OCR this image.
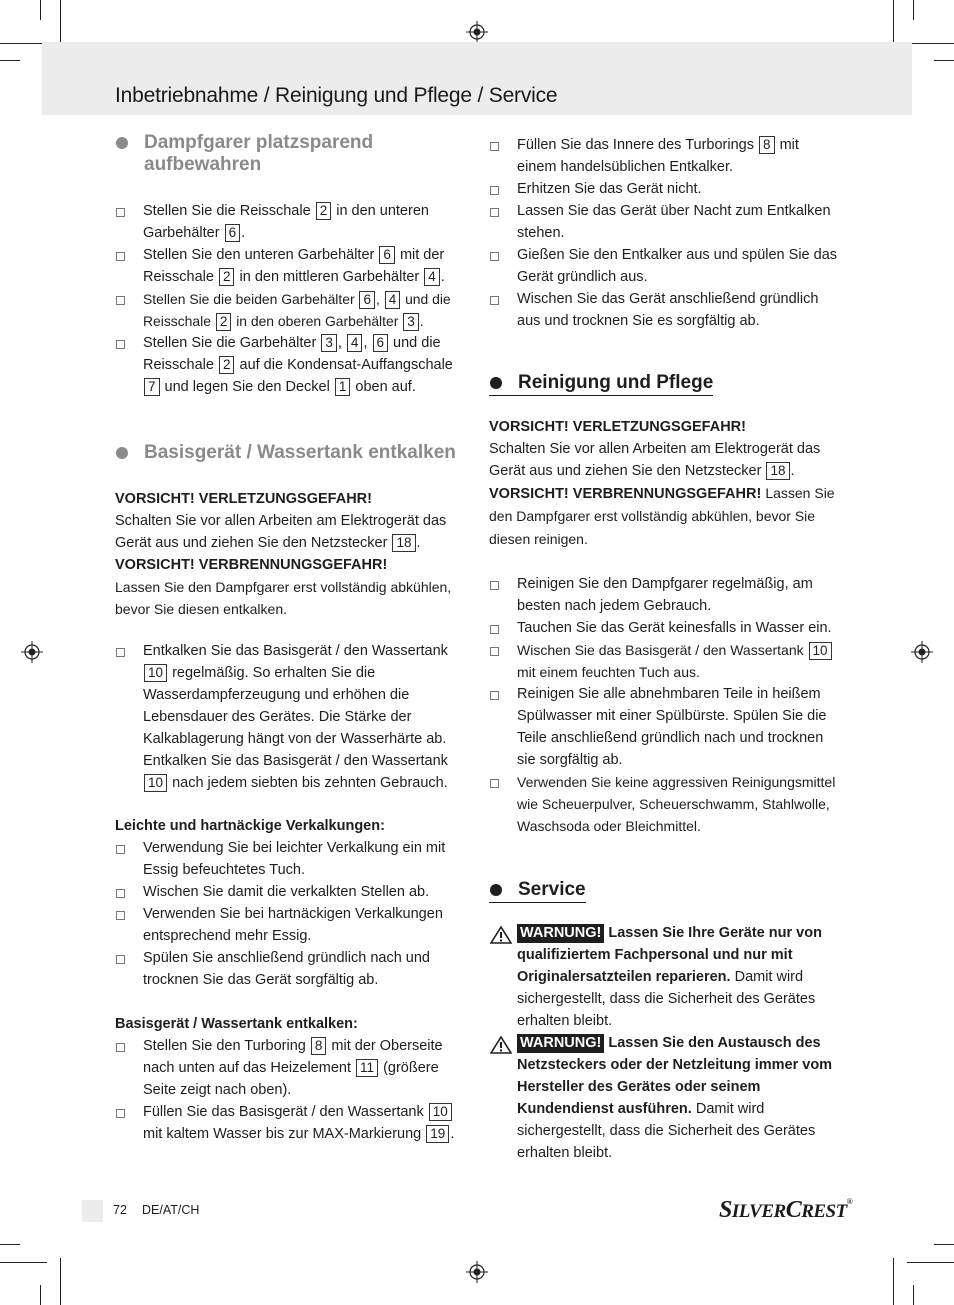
Inbetriebnahme / Reinigung und Pflege / Service
Dampfgarer platzsparend aufbewahren
Stellen Sie die Reisschale 2 in den unteren Garbehälter 6 .
Stellen Sie den unteren Garbehälter 6 mit der Reisschale 2 in den mittleren Garbehälter 4 .
Stellen Sie die beiden Garbehälter 6 , 4 und die Reisschale 2 in den oberen Garbehälter 3 .
Stellen Sie die Garbehälter 3 , 4 , 6 und die Reisschale 2 auf die Kondensat-Auffangschale 7 und legen Sie den Deckel 1 oben auf.
Basisgerät / Wassertank entkalken
VORSICHT! VERLETZUNGSGEFAHR!
Schalten Sie vor allen Arbeiten am Elektrogerät das Gerät aus und ziehen Sie den Netzstecker 18 .
VORSICHT! VERBRENNUNGSGEFAHR!
Lassen Sie den Dampfgarer erst vollständig abkühlen, bevor Sie diesen entkalken.
Entkalken Sie das Basisgerät / den Wassertank 10 regelmäßig. So erhalten Sie die Wasserdampferzeugung und erhöhen die Lebensdauer des Gerätes. Die Stärke der Kalkablagerung hängt von der Wasserhärte ab. Entkalken Sie das Basisgerät / den Wassertank 10 nach jedem siebten bis zehnten Gebrauch.
Leichte und hartnäckige Verkalkungen:
Verwendung Sie bei leichter Verkalkung ein mit Essig befeuchtetes Tuch.
Wischen Sie damit die verkalkten Stellen ab.
Verwenden Sie bei hartnäckigen Verkalkungen entsprechend mehr Essig.
Spülen Sie anschließend gründlich nach und trocknen Sie das Gerät sorgfältig ab.
Basisgerät / Wassertank entkalken:
Stellen Sie den Turboring 8 mit der Oberseite nach unten auf das Heizelement 11 (größere Seite zeigt nach oben).
Füllen Sie das Basisgerät / den Wassertank 10 mit kaltem Wasser bis zur MAX-Markierung 19 .
Füllen Sie das Innere des Turborings 8 mit einem handelsüblichen Entkalker.
Erhitzen Sie das Gerät nicht.
Lassen Sie das Gerät über Nacht zum Entkalken stehen.
Gießen Sie den Entkalker aus und spülen Sie das Gerät gründlich aus.
Wischen Sie das Gerät anschließend gründlich aus und trocknen Sie es sorgfältig ab.
Reinigung und Pflege
VORSICHT! VERLETZUNGSGEFAHR!
Schalten Sie vor allen Arbeiten am Elektrogerät das Gerät aus und ziehen Sie den Netzstecker 18 .
VORSICHT! VERBRENNUNGSGEFAHR! Lassen Sie den Dampfgarer erst vollständig abkühlen, bevor Sie diesen reinigen.
Reinigen Sie den Dampfgarer regelmäßig, am besten nach jedem Gebrauch.
Tauchen Sie das Gerät keinesfalls in Wasser ein.
Wischen Sie das Basisgerät / den Wassertank 10 mit einem feuchten Tuch aus.
Reinigen Sie alle abnehmbaren Teile in heißem Spülwasser mit einer Spülbürste. Spülen Sie die Teile anschließend gründlich nach und trocknen sie sorgfältig ab.
Verwenden Sie keine aggressiven Reinigungsmittel wie Scheuerpulver, Scheuerschwamm, Stahlwolle, Waschsoda oder Bleichmittel.
Service
WARNUNG! Lassen Sie Ihre Geräte nur von qualifiziertem Fachpersonal und nur mit Originalersatzteilen reparieren. Damit wird sichergestellt, dass die Sicherheit des Gerätes erhalten bleibt.
WARNUNG! Lassen Sie den Austausch des Netzsteckers oder der Netzleitung immer vom Hersteller des Gerätes oder seinem Kundendienst ausführen. Damit wird sichergestellt, dass die Sicherheit des Gerätes erhalten bleibt.
72 DE/AT/CH	SILVERCREST®
